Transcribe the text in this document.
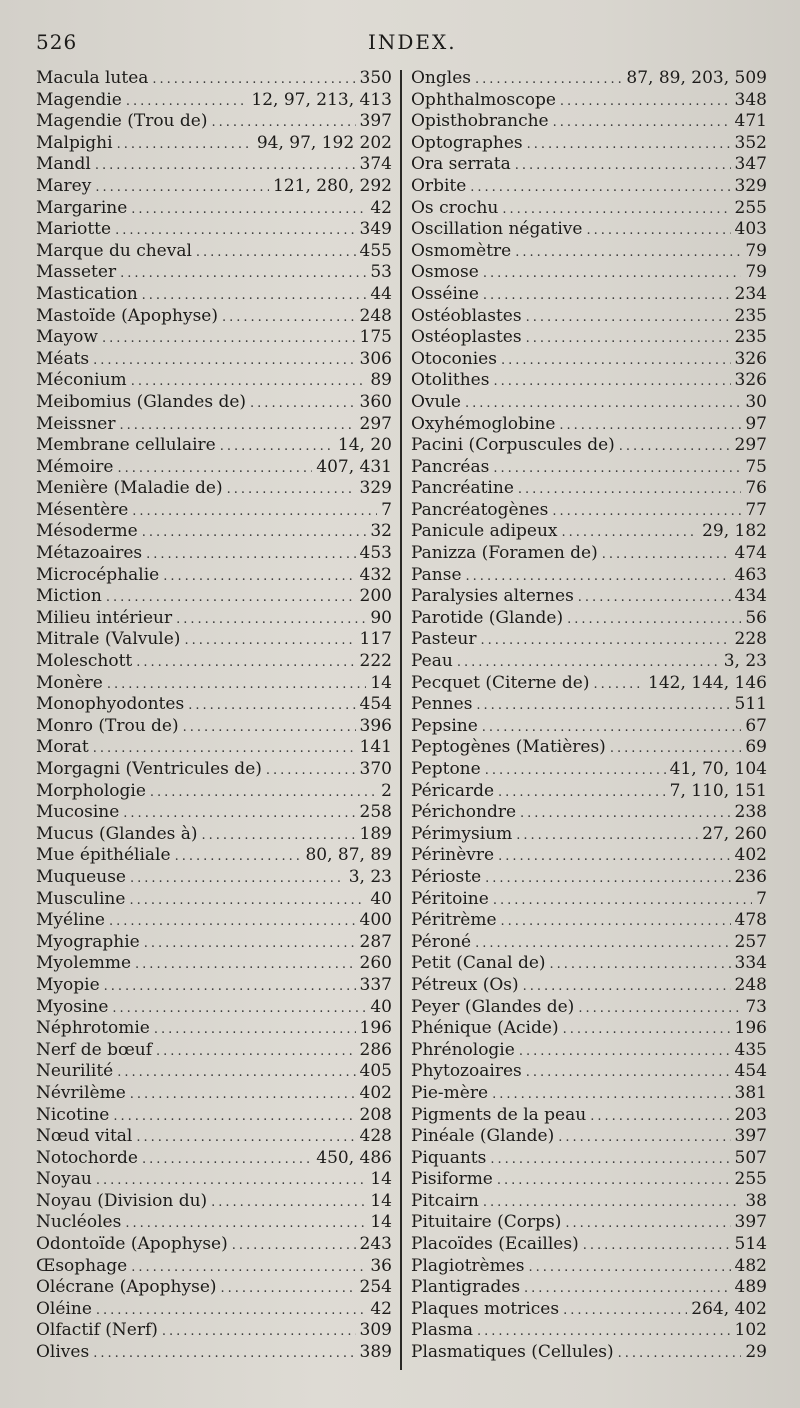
526	INDEX.
Macula lutea .....	350
Magendie .....	12, 97, 213, 413
Magendie (Trou de) .....	397
Malpighi .....	94, 97, 192 202
Mandl .....	374
Marey .....	121, 280, 292
Margarine .....	42
Mariotte .....	349
Marque du cheval .....	455
Masseter .....	53
Mastication .....	44
Mastoïde (Apophyse) .....	248
Mayow .....	175
Méats .....	306
Méconium .....	89
Meibomius (Glandes de) .....	360
Meissner .....	297
Membrane cellulaire .....	14, 20
Mémoire .....	407, 431
Menière (Maladie de) .....	329
Mésentère .....	7
Mésoderme .....	32
Métazoaires .....	453
Microcéphalie .....	432
Miction .....	200
Milieu intérieur .....	90
Mitrale (Valvule) .....	117
Moleschott .....	222
Monère .....	14
Monophyodontes .....	454
Monro (Trou de) .....	396
Morat .....	141
Morgagni (Ventricules de) .....	370
Morphologie .....	2
Mucosine .....	258
Mucus (Glandes à) .....	189
Mue épithéliale .....	80, 87, 89
Muqueuse .....	3, 23
Musculine .....	40
Myéline .....	400
Myographie .....	287
Myolemme .....	260
Myopie .....	337
Myosine .....	40
Néphrotomie .....	196
Nerf de bœuf .....	286
Neurilité .....	405
Névrilème .....	402
Nicotine .....	208
Nœud vital .....	428
Notochorde .....	450, 486
Noyau .....	14
Noyau (Division du) .....	14
Nucléoles .....	14
Odontoïde (Apophyse) .....	243
Œsophage .....	36
Olécrane (Apophyse) .....	254
Oléine .....	42
Olfactif (Nerf) .....	309
Olives .....	389
Ongles .....	87, 89, 203, 509
Ophthalmoscope .....	348
Opisthobranche .....	471
Optographes .....	352
Ora serrata .....	347
Orbite .....	329
Os crochu .....	255
Oscillation négative .....	403
Osmomètre .....	79
Osmose .....	79
Osséine .....	234
Ostéoblastes .....	235
Ostéoplastes .....	235
Otoconies .....	326
Otolithes .....	326
Ovule .....	30
Oxyhémoglobine .....	97
Pacini (Corpuscules de) .....	297
Pancréas .....	75
Pancréatine .....	76
Pancréatogènes .....	77
Panicule adipeux .....	29, 182
Panizza (Foramen de) .....	474
Panse .....	463
Paralysies alternes .....	434
Parotide (Glande) .....	56
Pasteur .....	228
Peau .....	3, 23
Pecquet (Citerne de) .....	142, 144, 146
Pennes .....	511
Pepsine .....	67
Peptogènes (Matières) .....	69
Peptone .....	41, 70, 104
Péricarde .....	7, 110, 151
Périchondre .....	238
Périmysium .....	27, 260
Périnèvre .....	402
Périoste .....	236
Péritoine .....	7
Péritrème .....	478
Péroné .....	257
Petit (Canal de) .....	334
Pétreux (Os) .....	248
Peyer (Glandes de) .....	73
Phénique (Acide) .....	196
Phrénologie .....	435
Phytozoaires .....	454
Pie-mère .....	381
Pigments de la peau .....	203
Pinéale (Glande) .....	397
Piquants .....	507
Pisiforme .....	255
Pitcairn .....	38
Pituitaire (Corps) .....	397
Placoïdes (Ecailles) .....	514
Plagiotrèmes .....	482
Plantigrades .....	489
Plaques motrices .....	264, 402
Plasma .....	102
Plasmatiques (Cellules) .....	29
